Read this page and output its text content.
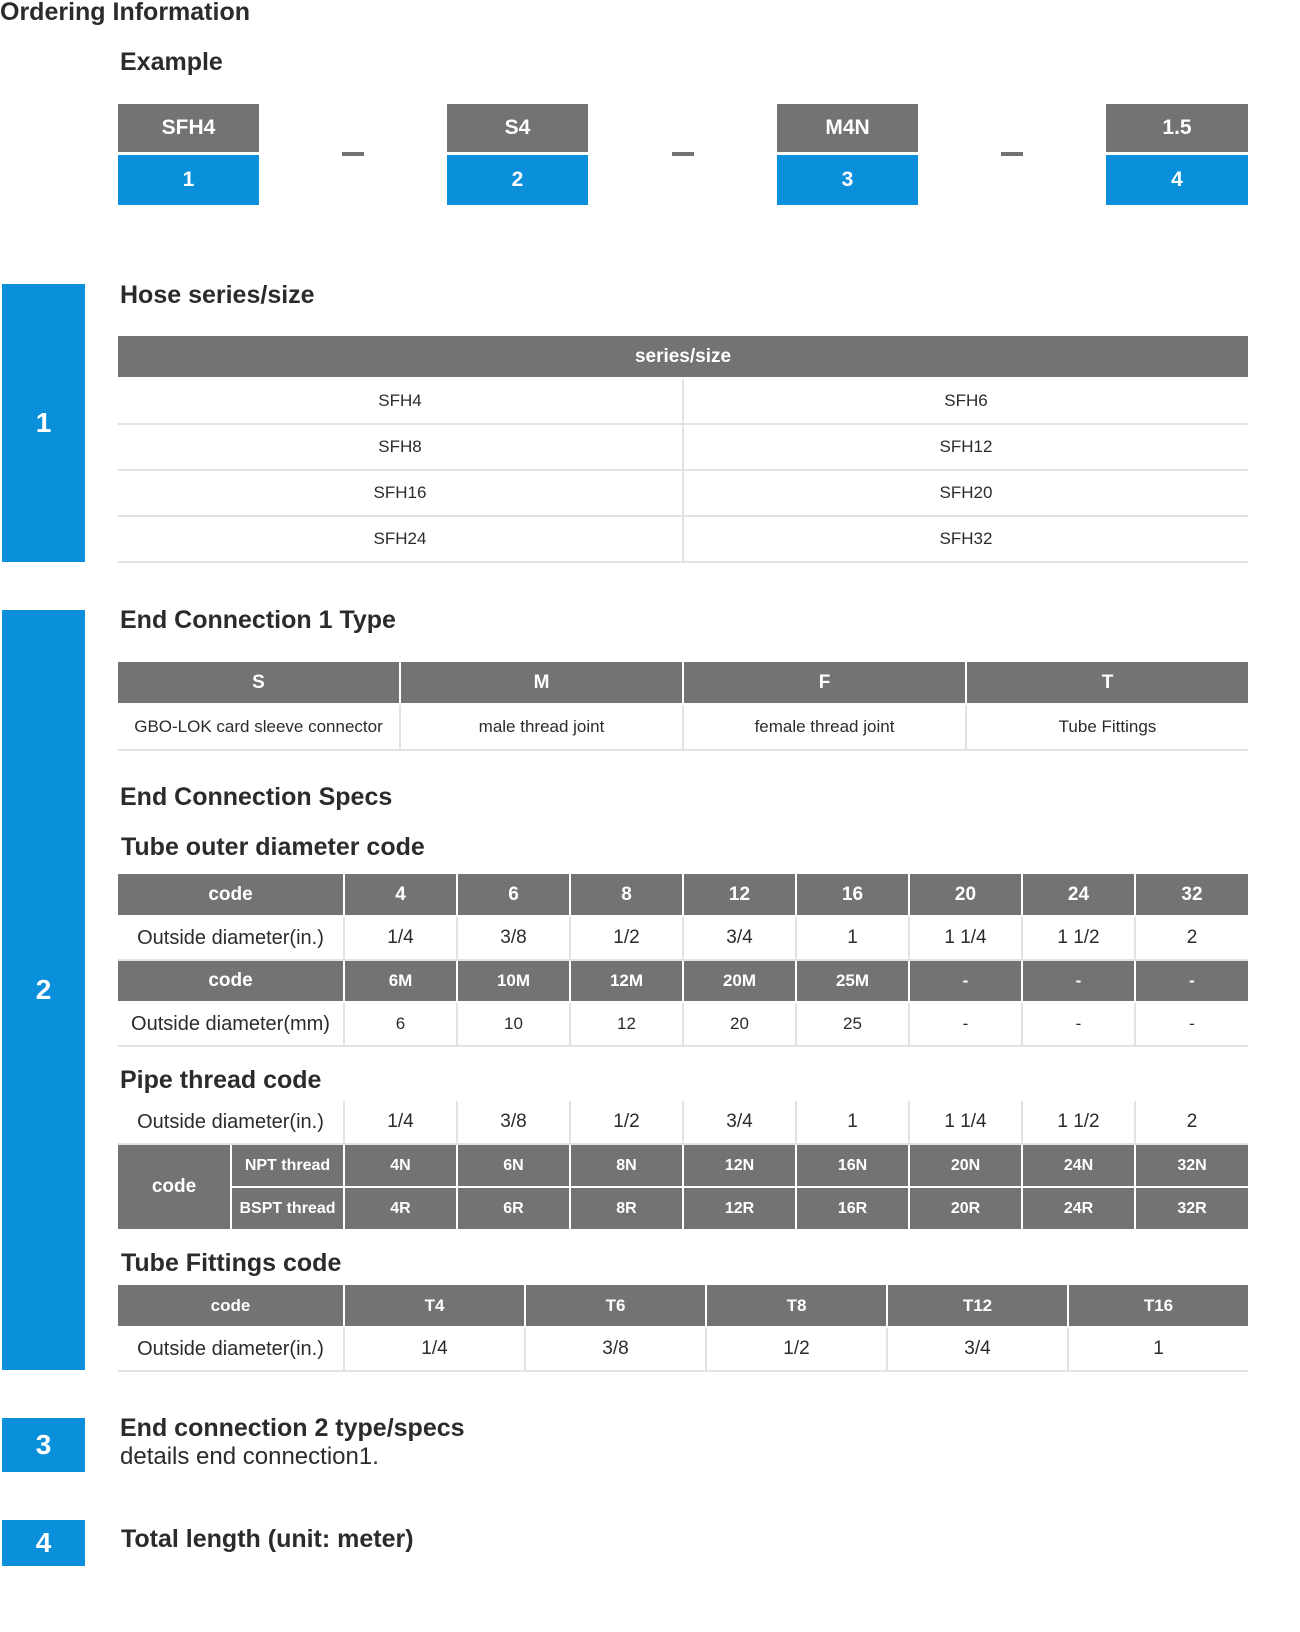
Ordering Information
Example
SFH4
1
S4
2
M4N
3
1.5
4
1
Hose series/size
series/size	
SFH4	SFH6
SFH8	SFH12
SFH16	SFH20
SFH24	SFH32
2
End Connection 1 Type
S	M	F	T
GBO-LOK card sleeve connector	male thread joint	female thread joint	Tube Fittings
End Connection Specs
Tube outer diameter code
code	4	6	8	12	16	20	24	32
Outside diameter(in.)	1/4	3/8	1/2	3/4	1	1 1/4	1 1/2	2
code	6M	10M	12M	20M	25M	-	-	-
Outside diameter(mm)	6	10	12	20	25	-	-	-
Pipe thread code
Outside diameter(in.)		1/4	3/8	1/2	3/4	1	1 1/4	1 1/2	2
code	NPT thread	4N	6N	8N	12N	16N	20N	24N	32N
	BSPT thread	4R	6R	8R	12R	16R	20R	24R	32R
Tube Fittings code
code	T4	T6	T8	T12	T16
Outside diameter(in.)	1/4	3/8	1/2	3/4	1
3
End connection 2 type/specs
details end connection1.
4	Total length (unit: meter)
